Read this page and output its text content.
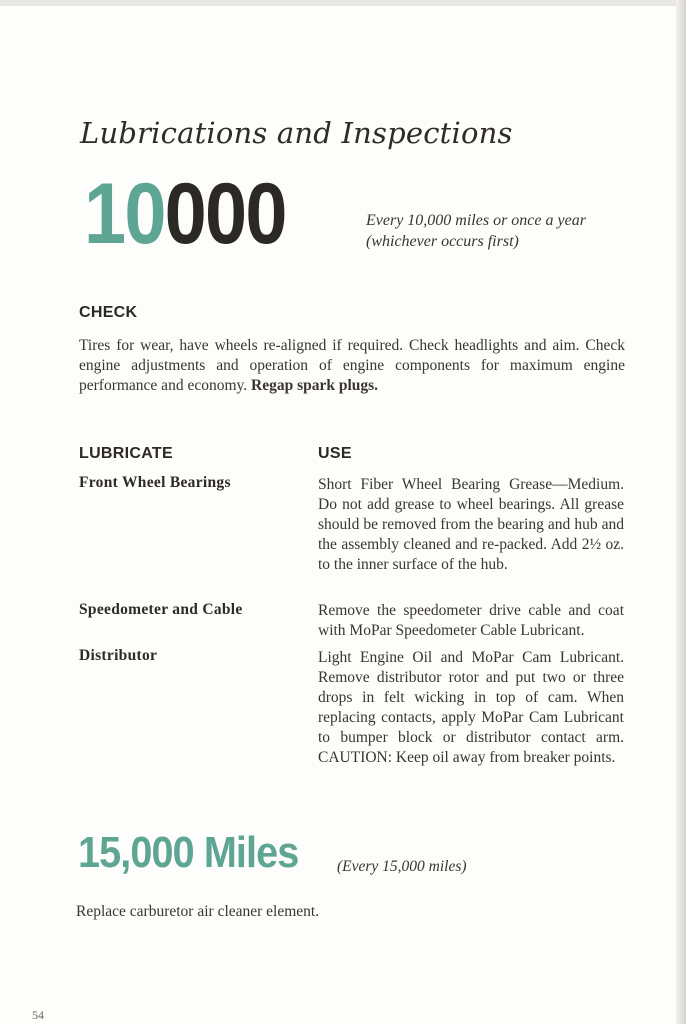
Lubrications and Inspections
10000	Every 10,000 miles or once a year
(whichever occurs first)
CHECK
Tires for wear, have wheels re-aligned if required. Check headlights and aim. Check engine adjustments and operation of engine components for maximum engine performance and economy. Regap spark plugs.
LUBRICATE	USE
Front Wheel Bearings	Short Fiber Wheel Bearing Grease—Medium. Do not add grease to wheel bearings. All grease should be removed from the bearing and hub and the assembly cleaned and re-packed. Add 2½ oz. to the inner surface of the hub.
Speedometer and Cable	Remove the speedometer drive cable and coat with MoPar Speedometer Cable Lubricant.
Distributor	Light Engine Oil and MoPar Cam Lubricant. Remove distributor rotor and put two or three drops in felt wicking in top of cam. When replacing contacts, apply MoPar Cam Lubricant to bumper block or distributor contact arm. CAUTION: Keep oil away from breaker points.
15,000 Miles (Every 15,000 miles)
Replace carburetor air cleaner element.
54
